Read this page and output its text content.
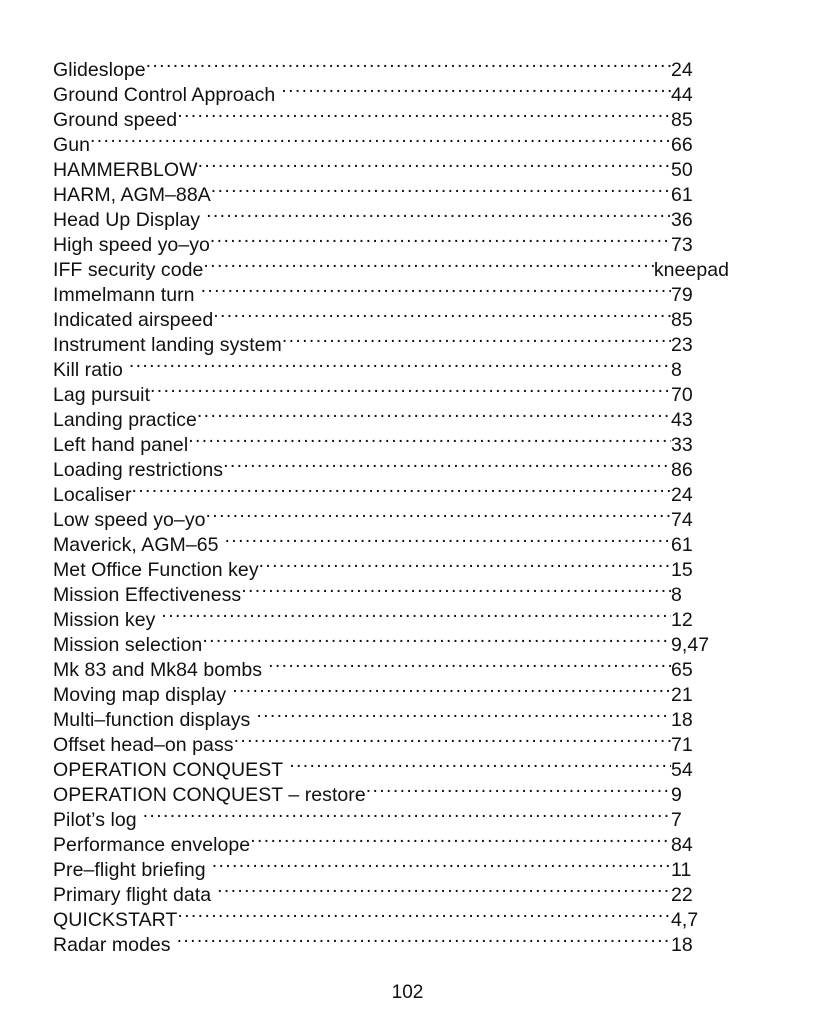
Glideslope .....	24
Ground Control Approach .....	44
Ground speed .....	85
Gun .....	66
HAMMERBLOW .....	50
HARM, AGM–88A .....	61
Head Up Display .....	36
High speed yo–yo .....	73
IFF security code .....	kneepad
Immelmann turn .....	79
Indicated airspeed .....	85
Instrument landing system .....	23
Kill ratio .....	8
Lag pursuit .....	70
Landing practice .....	43
Left hand panel .....	33
Loading restrictions .....	86
Localiser .....	24
Low speed yo–yo .....	74
Maverick, AGM–65 .....	61
Met Office Function key .....	15
Mission Effectiveness .....	8
Mission key .....	12
Mission selection .....	9,47
Mk 83 and Mk84 bombs .....	65
Moving map display .....	21
Multi–function displays .....	18
Offset head–on pass .....	71
OPERATION CONQUEST .....	54
OPERATION CONQUEST – restore .....	9
Pilot’s log .....	7
Performance envelope .....	84
Pre–flight briefing .....	11
Primary flight data .....	22
QUICKSTART .....	4,7
Radar modes .....	18
102
